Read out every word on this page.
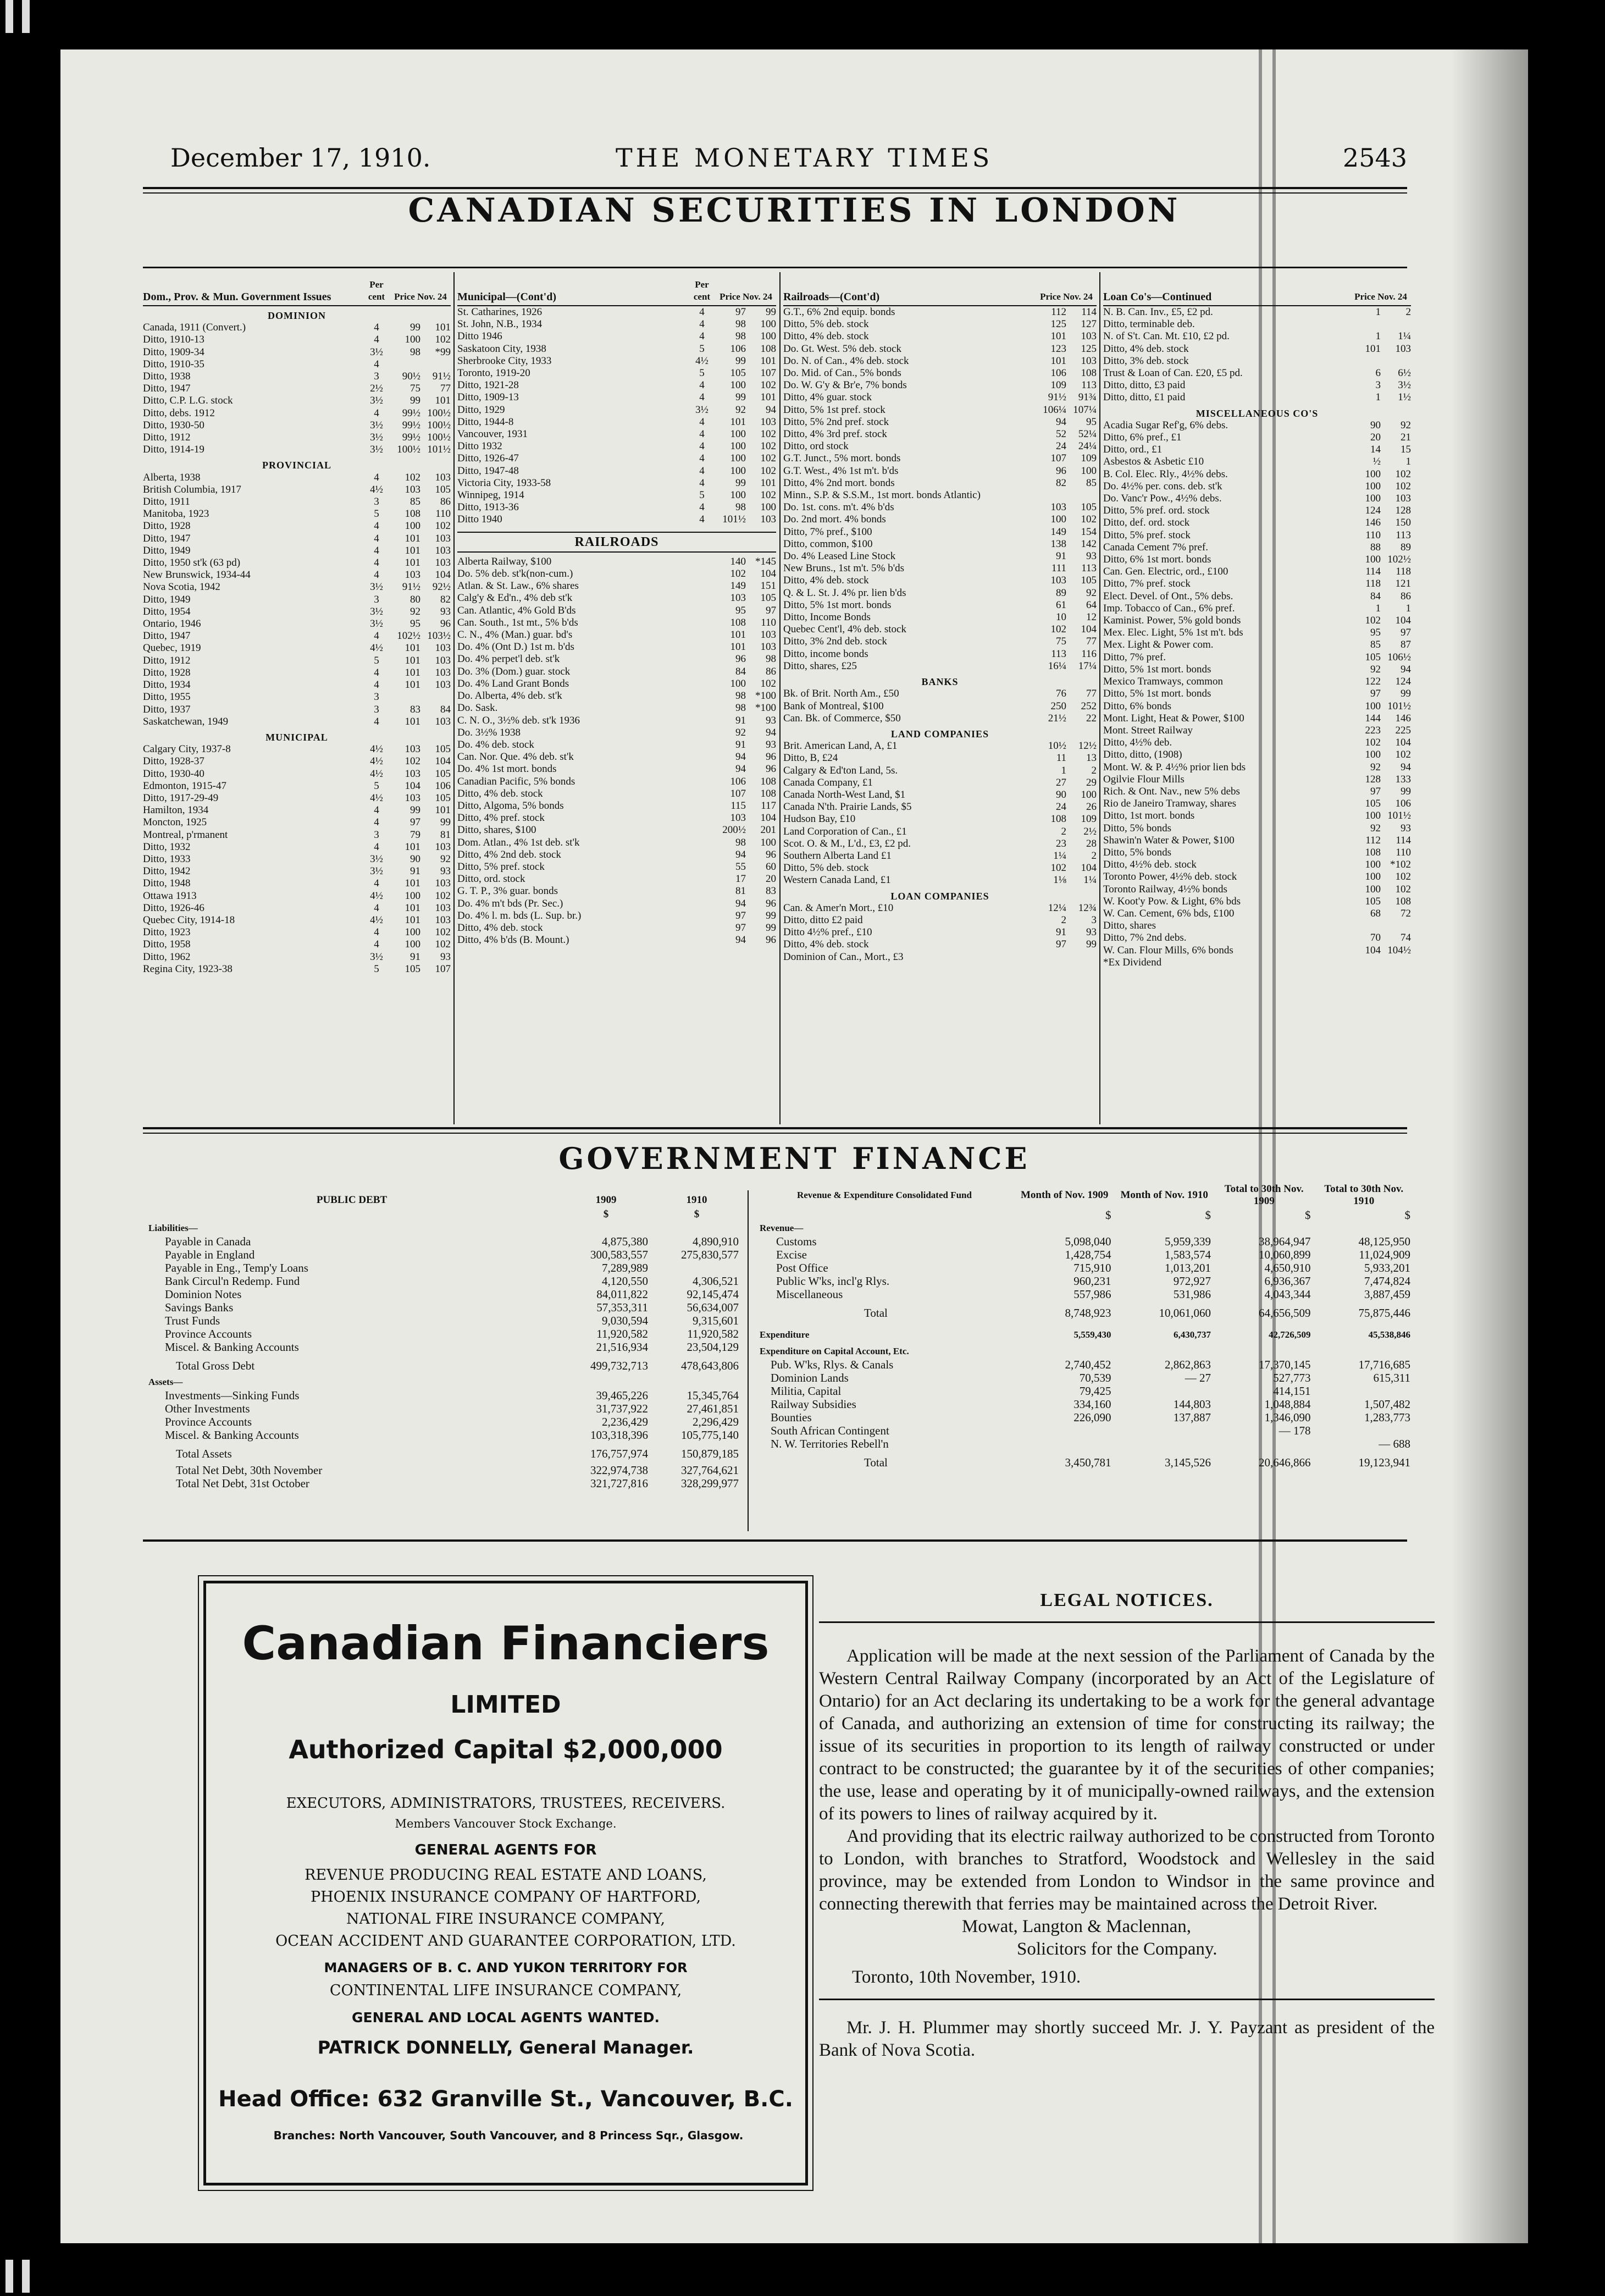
December 17, 1910.	THE MONETARY TIMES	2543
CANADIAN SECURITIES IN LONDON
Dom., Prov. & Mun. Government Issues
Per cent Price Nov. 24
DOMINION
Canada, 1911 (Convert.)	4	99	101
Ditto, 1910-13	4	100	102
Ditto, 1909-34	3½	98	*99
Ditto, 1910-35	4
Ditto, 1938	3	90½	91½
Ditto, 1947	2½	75	77
Ditto, C.P. L.G. stock	3½	99	101
Ditto, debs. 1912	4	99½ 100½
Ditto, 1930-50	3½	99½ 100½
Ditto, 1912	3½	99½ 100½
Ditto, 1914-19	3½	100½ 101½
PROVINCIAL
Alberta, 1938	4	102	103
British Columbia, 1917	4½	103	105
Ditto, 1911	3	85	86
Manitoba, 1923	5	108	110
Ditto, 1928	4	100	102
Ditto, 1947	4	101	103
Ditto, 1949	4	101	103
Ditto, 1950 st'k (63 pd)	4	101	103
New Brunswick, 1934-44	4	103	104
Nova Scotia, 1942	3½	91½	92½
Ditto, 1949	3	80	82
Ditto, 1954	3½	92	93
Ontario, 1946	3½	95	96
Ditto, 1947	4	102½ 103½
Quebec, 1919	4½	101	103
Ditto, 1912	5	101	103
Ditto, 1928	4	101	103
Ditto, 1934	4	101	103
Ditto, 1955	3
Ditto, 1937	3	83	84
Saskatchewan, 1949	4	101	103
MUNICIPAL
Calgary City, 1937-8	4½	103	105
Ditto, 1928-37	4½	102	104
Ditto, 1930-40	4½	103	105
Edmonton, 1915-47	5	104	106
Ditto, 1917-29-49	4½	103	105
Hamilton, 1934	4	99	101
Moncton, 1925	4	97	99
Montreal, p'rmanent	3	79	81
Ditto, 1932	4	101	103
Ditto, 1933	3½	90	92
Ditto, 1942	3½	91	93
Ditto, 1948	4	101	103
Ottawa 1913	4½	100	102
Ditto, 1926-46	4	101	103
Quebec City, 1914-18	4½	101	103
Ditto, 1923	4	100	102
Ditto, 1958	4	100	102
Ditto, 1962	3½	91	93
Regina City, 1923-38	5	105	107
Municipal—(Cont'd)
Per cent Price Nov. 24
St. Catharines, 1926	4	97	99
St. John, N.B., 1934	4	98	100
Ditto 1946	4	98	100
Saskatoon City, 1938	5	106	108
Sherbrooke City, 1933	4½	99	101
Toronto, 1919-20	5	105	107
Ditto, 1921-28	4	100	102
Ditto, 1909-13	4	99	101
Ditto, 1929	3½	92	94
Ditto, 1944-8	4	101	103
Vancouver, 1931	4	100	102
Ditto 1932	4	100	102
Ditto, 1926-47	4	100	102
Ditto, 1947-48	4	100	102
Victoria City, 1933-58	4	99	101
Winnipeg, 1914	5	100	102
Ditto, 1913-36	4	98	100
Ditto 1940	4	101½	103
RAILROADS
Alberta Railway, $100	140 *145
Do. 5% deb. st'k(non-cum.)	102	104
Atlan. & St. Law., 6% shares	149	151
Calg'y & Ed'n., 4% deb st'k	103	105
Can. Atlantic, 4% Gold B'ds	95	97
Can. South., 1st mt., 5% b'ds	108	110
C. N., 4% (Man.) guar. bd's	101	103
Do. 4% (Ont D.) 1st m. b'ds	101	103
Do. 4% perpet'l deb. st'k	96	98
Do. 3% (Dom.) guar. stock	84	86
Do. 4% Land Grant Bonds	100	102
Do. Alberta, 4% deb. st'k	98 *100
Do. Sask.	98 *100
C. N. O., 3½% deb. st'k 1936	91	93
Do. 3½% 1938	92	94
Do. 4% deb. stock	91	93
Can. Nor. Que. 4% deb. st'k	94	96
Do. 4% 1st mort. bonds	94	96
Canadian Pacific, 5% bonds	106	108
Ditto, 4% deb. stock	107	108
Ditto, Algoma, 5% bonds	115	117
Ditto, 4% pref. stock	103	104
Ditto, shares, $100	200½	201
Dom. Atlan., 4% 1st deb. st'k	98	100
Ditto, 4% 2nd deb. stock	94	96
Ditto, 5% pref. stock	55	60
Ditto, ord. stock	17	20
G. T. P., 3% guar. bonds	81	83
Do. 4% m't bds (Pr. Sec.)	94	96
Do. 4% l. m. bds (L. Sup. br.)	97	99
Ditto, 4% deb. stock	97	99
Ditto, 4% b'ds (B. Mount.)	94	96
Railroads—(Cont'd)	Price Nov. 24
G.T., 6% 2nd equip. bonds	112	114
Ditto, 5% deb. stock	125	127
Ditto, 4% deb. stock	101	103
Do. Gt. West. 5% deb. stock	123	125
Do. N. of Can., 4% deb. stock	101	103
Do. Mid. of Can., 5% bonds	106	108
Do. W. G'y & Br'e, 7% bonds	109	113
Ditto, 4% guar. stock	91½	91¾
Ditto, 5% 1st pref. stock	106¼ 107¼
Ditto, 5% 2nd pref. stock	94	95
Ditto, 4% 3rd pref. stock	52	52¼
Ditto, ord stock	24	24¼
G.T. Junct., 5% mort. bonds	107	109
G.T. West., 4% 1st m't. b'ds	96	100
Ditto, 4% 2nd mort. bonds	82	85
Minn., S.P. & S.S.M., 1st mort. bonds Atlantic)
Do. 1st. cons. m't. 4% b'ds	103	105
Do. 2nd mort. 4% bonds	100	102
Ditto, 7% pref., $100	149	154
Ditto, common, $100	138	142
Do. 4% Leased Line Stock	91	93
New Bruns., 1st m't. 5% b'ds	111	113
Ditto, 4% deb. stock	103	105
Q. & L. St. J. 4% pr. lien b'ds	89	92
Ditto, 5% 1st mort. bonds	61	64
Ditto, Income Bonds	10	12
Quebec Cent'l, 4% deb. stock	102	104
Ditto, 3% 2nd deb. stock	75	77
Ditto, income bonds	113	116
Ditto, shares, £25	16¼	17¼
BANKS
Bk. of Brit. North Am., £50	76	77
Bank of Montreal, $100	250	252
Can. Bk. of Commerce, $50	21½	22
LAND COMPANIES
Brit. American Land, A, £1	10½	12½
Ditto, B, £24	11	13
Calgary & Ed'ton Land, 5s.	1	2
Canada Company, £1	27	29
Canada North-West Land, $1	90	100
Canada N'th. Prairie Lands, $5	24	26
Hudson Bay, £10	108	109
Land Corporation of Can., £1	2	2½
Scot. O. & M., L'd., £3, £2 pd.	23	28
Southern Alberta Land £1	1¼	2
Ditto, 5% deb. stock	102	104
Western Canada Land, £1	1⅛	1¼
LOAN COMPANIES
Can. & Amer'n Mort., £10	12¼	12¾
Ditto, ditto £2 paid	2	3
Ditto 4½% pref., £10	91	93
Ditto, 4% deb. stock	97	99
Dominion of Can., Mort., £3
Loan Co's—Continued	Price Nov. 24
N. B. Can. Inv., £5, £2 pd.	1	2
Ditto, terminable deb.
N. of S't. Can. Mt. £10, £2 pd.	1	1¼
Ditto, 4% deb. stock	101	103
Ditto, 3% deb. stock
Trust & Loan of Can. £20, £5 pd.	6	6½
Ditto, ditto, £3 paid	3	3½
Ditto, ditto, £1 paid	1	1½
MISCELLANEOUS CO'S
Acadia Sugar Ref'g, 6% debs.	90	92
Ditto, 6% pref., £1	20	21
Ditto, ord., £1	14	15
Asbestos & Asbetic £10	½	1
B. Col. Elec. Rly., 4½% debs.	100	102
Do. 4½% per. cons. deb. st'k	100	102
Do. Vanc'r Pow., 4½% debs.	100	103
Ditto, 5% pref. ord. stock	124	128
Ditto, def. ord. stock	146	150
Ditto, 5% pref. stock	110	113
Canada Cement 7% pref.	88	89
Ditto, 6% 1st mort. bonds	100 102½
Can. Gen. Electric, ord., £100	114	118
Ditto, 7% pref. stock	118	121
Elect. Devel. of Ont., 5% debs.	84	86
Imp. Tobacco of Can., 6% pref.	1	1
Kaminist. Power, 5% gold bonds	102	104
Mex. Elec. Light, 5% 1st m't. bds	95	97
Mex. Light & Power com.	85	87
Ditto, 7% pref.	105 106½
Ditto, 5% 1st mort. bonds	92	94
Mexico Tramways, common	122	124
Ditto, 5% 1st mort. bonds	97	99
Ditto, 6% bonds	100 101½
Mont. Light, Heat & Power, $100	144	146
Mont. Street Railway	223	225
Ditto, 4½% deb.	102	104
Ditto, ditto, (1908)	100	102
Mont. W. & P. 4½% prior lien bds	92	94
Ogilvie Flour Mills	128	133
Rich. & Ont. Nav., new 5% debs	97	99
Rio de Janeiro Tramway, shares	105	106
Ditto, 1st mort. bonds	100 101½
Ditto, 5% bonds	92	93
Shawin'n Water & Power, $100	112	114
Ditto, 5% bonds	108	110
Ditto, 4½% deb. stock	100 *102
Toronto Power, 4½% deb. stock	100	102
Toronto Railway, 4½% bonds	100	102
W. Koot'y Pow. & Light, 6% bds	105	108
W. Can. Cement, 6% bds, £100	68	72
Ditto, shares
Ditto, 7% 2nd debs.	70	74
W. Can. Flour Mills, 6% bonds	104 104½
*Ex Dividend
GOVERNMENT FINANCE
PUBLIC DEBT	1909	1910
	$	$
Liabilities—		
Payable in Canada	4,875,380	4,890,910
Payable in England	300,583,557	275,830,577
Payable in Eng., Temp'y Loans	7,289,989	
Bank Circul'n Redemp. Fund	4,120,550	4,306,521
Dominion Notes	84,011,822	92,145,474
Savings Banks	57,353,311	56,634,007
Trust Funds	9,030,594	9,315,601
Province Accounts	11,920,582	11,920,582
Miscel. & Banking Accounts	21,516,934	23,504,129
Total Gross Debt	499,732,713	478,643,806
Assets—		
Investments—Sinking Funds	39,465,226	15,345,764
Other Investments	31,737,922	27,461,851
Province Accounts	2,236,429	2,296,429
Miscel. & Banking Accounts	103,318,396	105,775,140
Total Assets	176,757,974	150,879,185
Total Net Debt, 30th November	322,974,738	327,764,621
Total Net Debt, 31st October	321,727,816	328,299,977
Revenue & Expenditure Consolidated Fund	Month of Nov. 1909	Month of Nov. 1910	Total to 30th Nov. 1909	Total to 30th Nov. 1910
	$	$	$	$
Revenue—				
Customs	5,098,040	5,959,339	38,964,947	48,125,950
Excise	1,428,754	1,583,574	10,060,899	11,024,909
Post Office	715,910	1,013,201	4,650,910	5,933,201
Public W'ks, incl'g Rlys.	960,231	972,927	6,936,367	7,474,824
Miscellaneous	557,986	531,986	4,043,344	3,887,459
Total	8,748,923	10,061,060	64,656,509	75,875,446
Expenditure	5,559,430	6,430,737	42,726,509	45,538,846
Expenditure on Capital Account, Etc.				
Pub. W'ks, Rlys. & Canals	2,740,452	2,862,863	17,370,145	17,716,685
Dominion Lands	70,539	— 27	527,773	615,311
Militia, Capital	79,425		414,151	
Railway Subsidies	334,160	144,803	1,048,884	1,507,482
Bounties	226,090	137,887	1,346,090	1,283,773
South African Contingent			— 178	
N. W. Territories Rebell'n				— 688
Total	3,450,781	3,145,526	20,646,866	19,123,941
Canadian Financiers
LIMITED
Authorized Capital $2,000,000
EXECUTORS, ADMINISTRATORS, TRUSTEES, RECEIVERS.
Members Vancouver Stock Exchange.
GENERAL AGENTS FOR
REVENUE PRODUCING REAL ESTATE AND LOANS,
PHOENIX INSURANCE COMPANY OF HARTFORD,
NATIONAL FIRE INSURANCE COMPANY,
OCEAN ACCIDENT AND GUARANTEE CORPORATION, LTD.
MANAGERS OF B. C. AND YUKON TERRITORY FOR
CONTINENTAL LIFE INSURANCE COMPANY,
GENERAL AND LOCAL AGENTS WANTED.
PATRICK DONNELLY, General Manager.
Head Office: 632 Granville St., Vancouver, B.C.
Branches: North Vancouver, South Vancouver, and 8 Princess Sqr., Glasgow.
LEGAL NOTICES.

Application will be made at the next session of the Parliament of Canada by the Western Central Railway Company (incorporated by an Act of the Legislature of Ontario) for an Act declaring its undertaking to be a work for the general advantage of Canada, and authorizing an extension of time for constructing its railway; the issue of its securities in proportion to its length of railway constructed or under contract to be constructed; the guarantee by it of the securities of other companies; the use, lease and operating by it of municipally-owned railways, and the extension of its powers to lines of railway acquired by it.

And providing that its electric railway authorized to be constructed from Toronto to London, with branches to Stratford, Woodstock and Wellesley in the said province, may be extended from London to Windsor in the same province and connecting therewith that ferries may be maintained across the Detroit River.

Mowat, Langton & Maclennan,
Solicitors for the Company.
Toronto, 10th November, 1910.

Mr. J. H. Plummer may shortly succeed Mr. J. Y. Payzant as president of the Bank of Nova Scotia.
